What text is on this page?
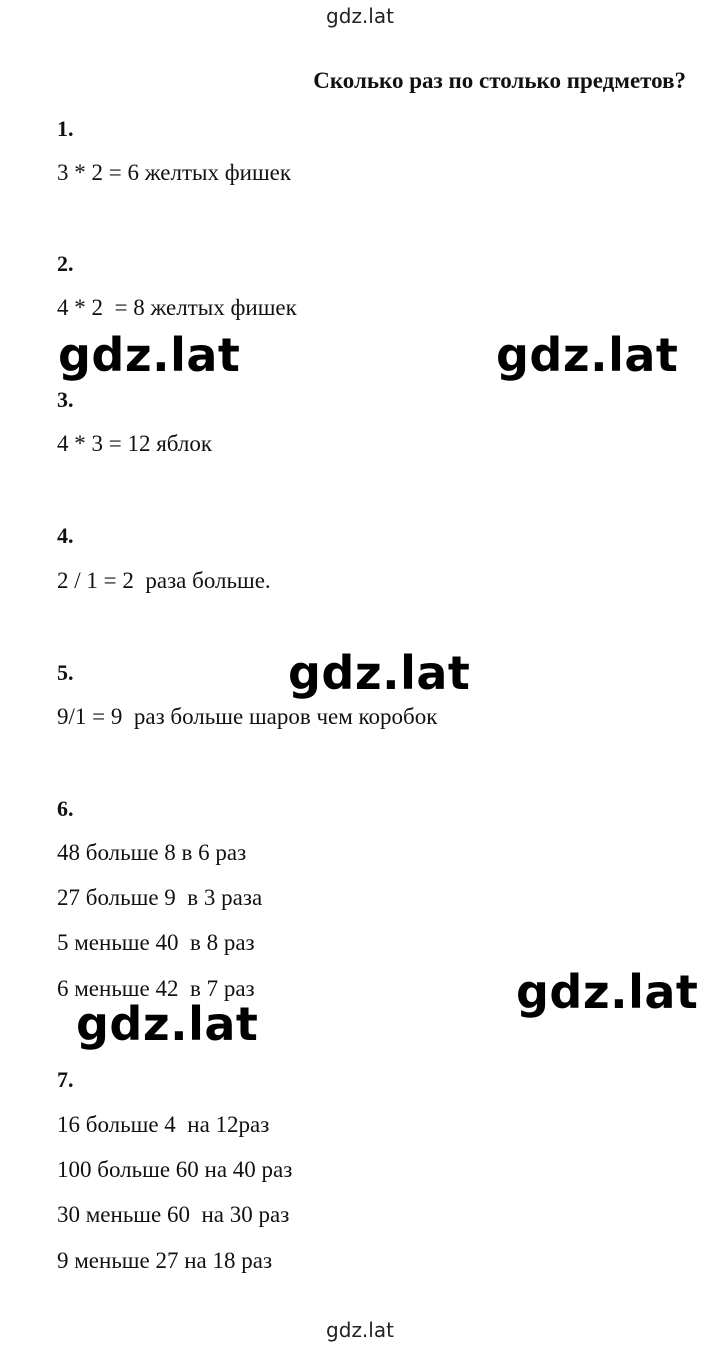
gdz.lat
Сколько раз по столько предметов?
1.
3 * 2 = 6 желтых фишек
2.
4 * 2  = 8 желтых фишек
3.
4 * 3 = 12 яблок
4.
2 / 1 = 2  раза больше.
5.
9/1 = 9  раз больше шаров чем коробок
6.
48 больше 8 в 6 раз
27 больше 9  в 3 раза
5 меньше 40  в 8 раз
6 меньше 42  в 7 раз
7.
16 больше 4  на 12раз
100 больше 60 на 40 раз
30 меньше 60  на 30 раз
9 меньше 27 на 18 раз
gdz.lat	gdz.lat
gdz.lat
gdz.lat
gdz.lat
gdz.lat
